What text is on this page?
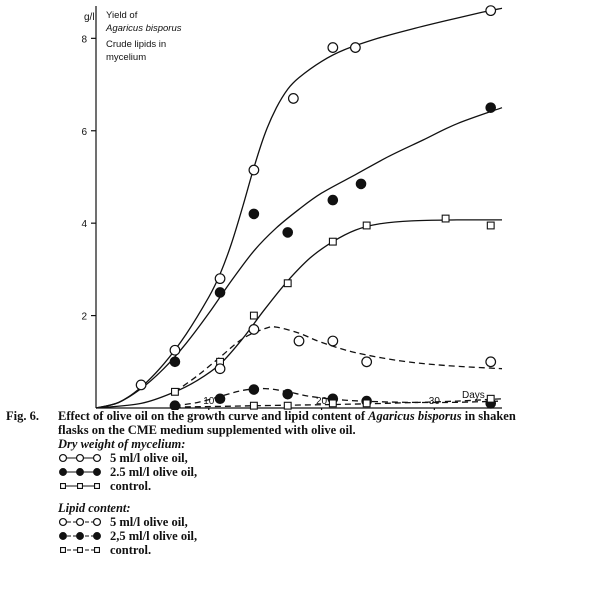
g/l
Days
Yield of
Agaricus bisporus
Crude lipids in
mycelium
2
4
6
8
10	20	30
Fig. 6.	Effect of olive oil on the growth curve and lipid content of Agaricus bisporus in shaken
flasks on the CME medium supplemented with olive oil.
Dry weight of mycelium:
5 ml/l olive oil,
2.5 ml/l olive oil,
control.
Lipid content:
5 ml/l olive oil,
2,5 ml/l olive oil,
control.
